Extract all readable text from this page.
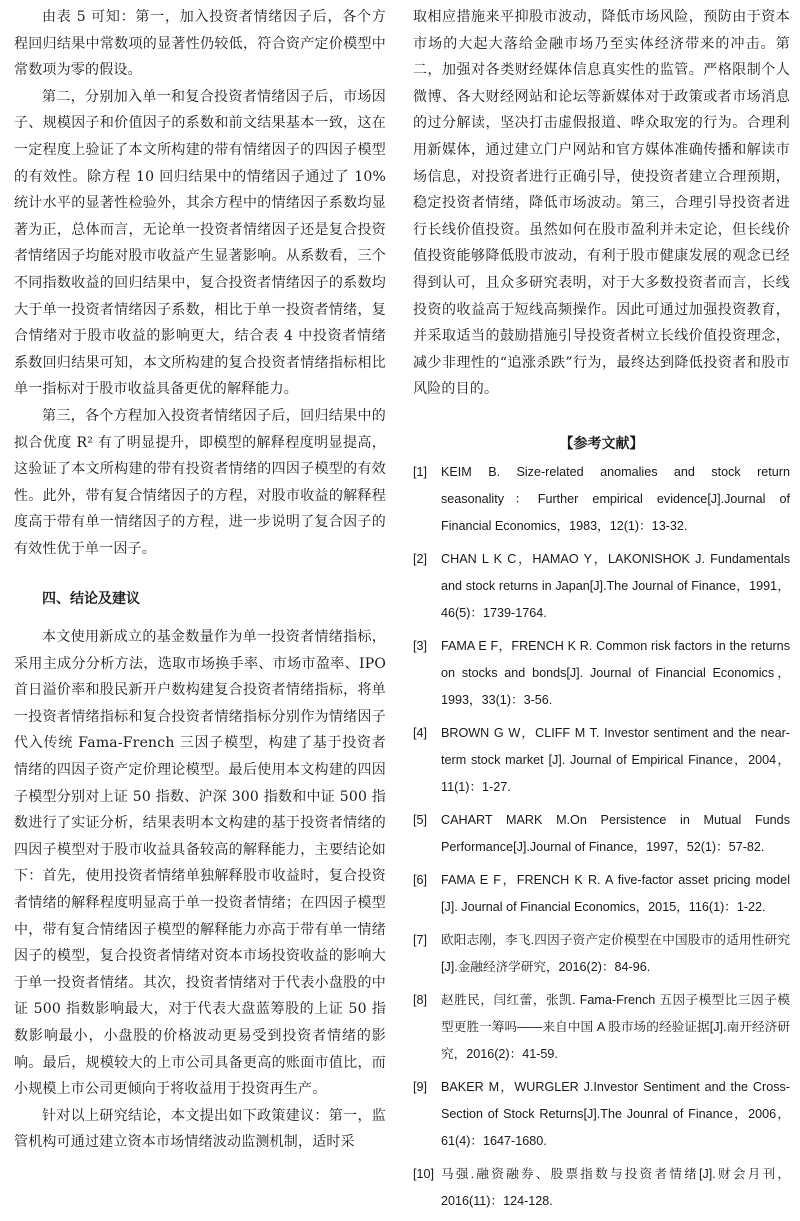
由表 5 可知：第一，加入投资者情绪因子后，各个方程回归结果中常数项的显著性仍较低，符合资产定价模型中常数项为零的假设。

第二，分别加入单一和复合投资者情绪因子后，市场因子、规模因子和价值因子的系数和前文结果基本一致，这在一定程度上验证了本文所构建的带有情绪因子的四因子模型的有效性。除方程 10 回归结果中的情绪因子通过了 10%统计水平的显著性检验外，其余方程中的情绪因子系数均显著为正，总体而言，无论单一投资者情绪因子还是复合投资者情绪因子均能对股市收益产生显著影响。从系数看，三个不同指数收益的回归结果中，复合投资者情绪因子的系数均大于单一投资者情绪因子系数，相比于单一投资者情绪，复合情绪对于股市收益的影响更大，结合表 4 中投资者情绪系数回归结果可知，本文所构建的复合投资者情绪指标相比单一指标对于股市收益具备更优的解释能力。

第三，各个方程加入投资者情绪因子后，回归结果中的拟合优度 R² 有了明显提升，即模型的解释程度明显提高，这验证了本文所构建的带有投资者情绪的四因子模型的有效性。此外，带有复合情绪因子的方程，对股市收益的解释程度高于带有单一情绪因子的方程，进一步说明了复合因子的有效性优于单一因子。

四、结论及建议

本文使用新成立的基金数量作为单一投资者情绪指标，采用主成分分析方法，选取市场换手率、市场市盈率、IPO 首日溢价率和股民新开户数构建复合投资者情绪指标，将单一投资者情绪指标和复合投资者情绪指标分别作为情绪因子代入传统 Fama-French 三因子模型，构建了基于投资者情绪的四因子资产定价理论模型。最后使用本文构建的四因子模型分别对上证 50 指数、沪深 300 指数和中证 500 指数进行了实证分析，结果表明本文构建的基于投资者情绪的四因子模型对于股市收益具备较高的解释能力，主要结论如下：首先，使用投资者情绪单独解释股市收益时，复合投资者情绪的解释程度明显高于单一投资者情绪；在四因子模型中，带有复合情绪因子模型的解释能力亦高于带有单一情绪因子的模型，复合投资者情绪对资本市场投资收益的影响大于单一投资者情绪。其次，投资者情绪对于代表小盘股的中证 500 指数影响最大，对于代表大盘蓝筹股的上证 50 指数影响最小，小盘股的价格波动更易受到投资者情绪的影响。最后，规模较大的上市公司具备更高的账面市值比，而小规模上市公司更倾向于将收益用于投资再生产。

针对以上研究结论，本文提出如下政策建议：第一，监管机构可通过建立资本市场情绪波动监测机制，适时采

取相应措施来平抑股市波动，降低市场风险，预防由于资本市场的大起大落给金融市场乃至实体经济带来的冲击。第二，加强对各类财经媒体信息真实性的监管。严格限制个人微博、各大财经网站和论坛等新媒体对于政策或者市场消息的过分解读，坚决打击虚假报道、哗众取宠的行为。合理利用新媒体，通过建立门户网站和官方媒体准确传播和解读市场信息，对投资者进行正确引导，使投资者建立合理预期，稳定投资者情绪，降低市场波动。第三，合理引导投资者进行长线价值投资。虽然如何在股市盈利并未定论，但长线价值投资能够降低股市波动，有利于股市健康发展的观念已经得到认可，且众多研究表明，对于大多数投资者而言，长线投资的收益高于短线高频操作。因此可通过加强投资教育，并采取适当的鼓励措施引导投资者树立长线价值投资理念，减少非理性的“追涨杀跌”行为，最终达到降低投资者和股市风险的目的。

【参考文献】
[1]	KEIM B. Size-related anomalies and stock return seasonality：Further empirical evidence[J].Journal of Financial Economics，1983，12(1)：13-32.
[2]	CHAN L K C，HAMAO Y，LAKONISHOK J. Fundamentals and stock returns in Japan[J].The Journal of Finance，1991，46(5)：1739-1764.
[3]	FAMA E F，FRENCH K R. Common risk factors in the returns on stocks and bonds[J]. Journal of Financial Economics，1993，33(1)：3-56.
[4]	BROWN G W，CLIFF M T. Investor sentiment and the near-term stock market [J]. Journal of Empirical Finance，2004，11(1)：1-27.
[5]	CAHART MARK M.On Persistence in Mutual Funds Performance[J].Journal of Finance，1997，52(1)：57-82.
[6]	FAMA E F，FRENCH K R. A five-factor asset pricing model [J]. Journal of Financial Economics，2015，116(1)：1-22.
[7]	欧阳志刚，李飞.四因子资产定价模型在中国股市的适用性研究[J].金融经济学研究，2016(2)：84-96.
[8]	赵胜民，闫红蕾，张凯. Fama-French 五因子模型比三因子模型更胜一筹吗——来自中国 A 股市场的经验证据[J].南开经济研究，2016(2)：41-59.
[9]	BAKER M，WURGLER J.Investor Sentiment and the Cross-Section of Stock Returns[J].The Jounral of Finance，2006，61(4)：1647-1680.
[10] 马强.融资融券、股票指数与投资者情绪[J].财会月刊，2016(11)：124-128.
